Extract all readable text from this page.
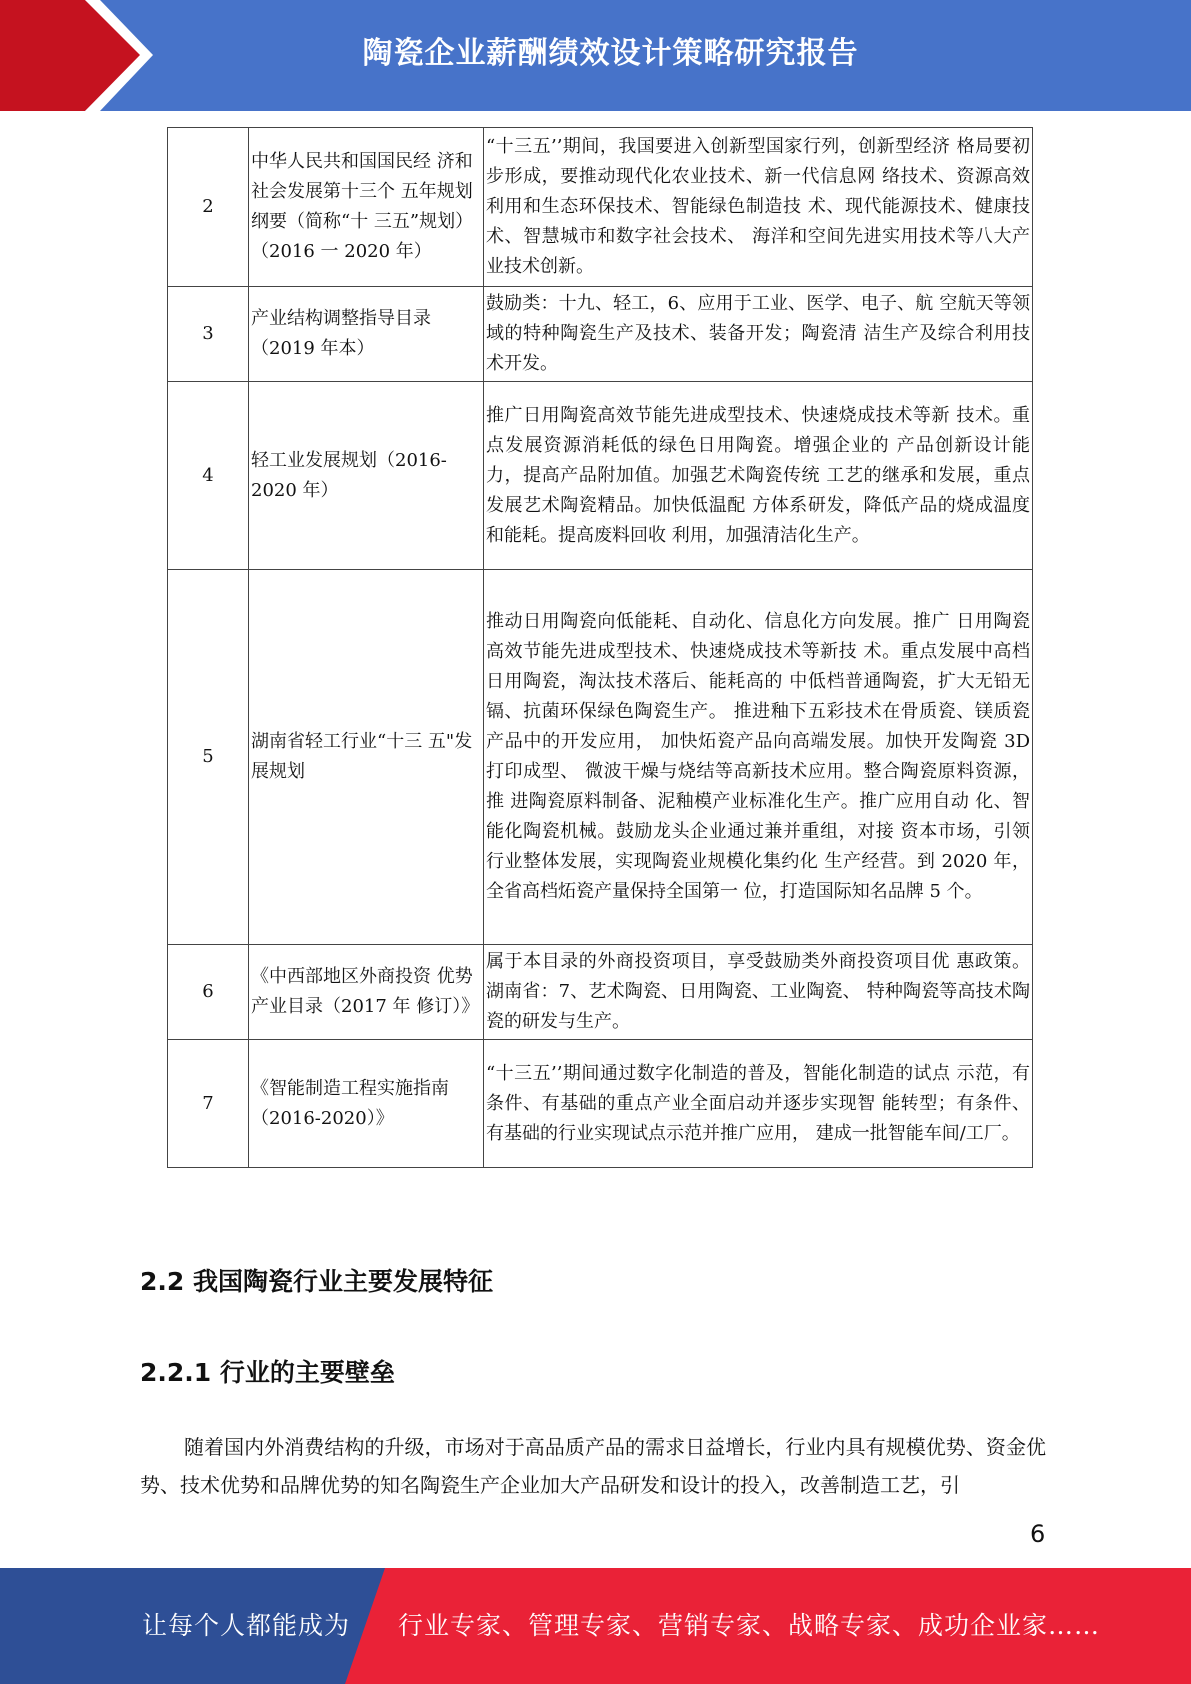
陶瓷企业薪酬绩效设计策略研究报告
2	中华人民共和国国民经 济和社会发展第十三个 五年规划纲要（简称“十 三五”规划）（2016 一 2020 年）	“十三五’’期间，我国要进入创新型国家行列，创新型经济 格局要初步形成，要推动现代化农业技术、新一代信息网 络技术、资源高效利用和生态环保技术、智能绿色制造技 术、现代能源技术、健康技术、智慧城市和数字社会技术、 海洋和空间先进实用技术等八大产业技术创新。
3	产业结构调整指导目录（2019 年本）	鼓励类：十九、轻工，6、应用于工业、医学、电子、航 空航天等领域的特种陶瓷生产及技术、装备开发；陶瓷清 洁生产及综合利用技术开发。
4	轻工业发展规划（2016-2020 年）	推广日用陶瓷高效节能先进成型技术、快速烧成技术等新 技术。重点发展资源消耗低的绿色日用陶瓷。增强企业的 产品创新设计能力，提高产品附加值。加强艺术陶瓷传统 工艺的继承和发展，重点发展艺术陶瓷精品。加快低温配 方体系研发，降低产品的烧成温度和能耗。提高废料回收 利用，加强清洁化生产。
5	湖南省轻工行业“十三 五"发展规划	推动日用陶瓷向低能耗、自动化、信息化方向发展。推广 日用陶瓷高效节能先进成型技术、快速烧成技术等新技 术。重点发展中高档日用陶瓷，淘汰技术落后、能耗高的 中低档普通陶瓷，扩大无铅无镉、抗菌环保绿色陶瓷生产。 推进釉下五彩技术在骨质瓷、镁质瓷产品中的开发应用， 加快炻瓷产品向高端发展。加快开发陶瓷 3D 打印成型、 微波干燥与烧结等高新技术应用。整合陶瓷原料资源，推 进陶瓷原料制备、泥釉模产业标准化生产。推广应用自动 化、智能化陶瓷机械。鼓励龙头企业通过兼并重组，对接 资本市场，引领行业整体发展，实现陶瓷业规模化集约化 生产经营。到 2020 年，全省高档炻瓷产量保持全国第一 位，打造国际知名品牌 5 个。
6	《中西部地区外商投资 优势产业目录（2017 年 修订）》	属于本目录的外商投资项目，享受鼓励类外商投资项目优 惠政策。湖南省：7、艺术陶瓷、日用陶瓷、工业陶瓷、 特种陶瓷等高技术陶瓷的研发与生产。
7	《智能制造工程实施指南（2016-2020）》	“十三五’’期间通过数字化制造的普及，智能化制造的试点 示范，有条件、有基础的重点产业全面启动并逐步实现智 能转型；有条件、有基础的行业实现试点示范并推广应用， 建成一批智能车间/工厂。
2.2 我国陶瓷行业主要发展特征
2.2.1 行业的主要壁垒

随着国内外消费结构的升级，市场对于高品质产品的需求日益增长，行业内具有规模优势、资金优势、技术优势和品牌优势的知名陶瓷生产企业加大产品研发和设计的投入，改善制造工艺，引

6
让每个人都能成为 行业专家、管理专家、营销专家、战略专家、成功企业家……
